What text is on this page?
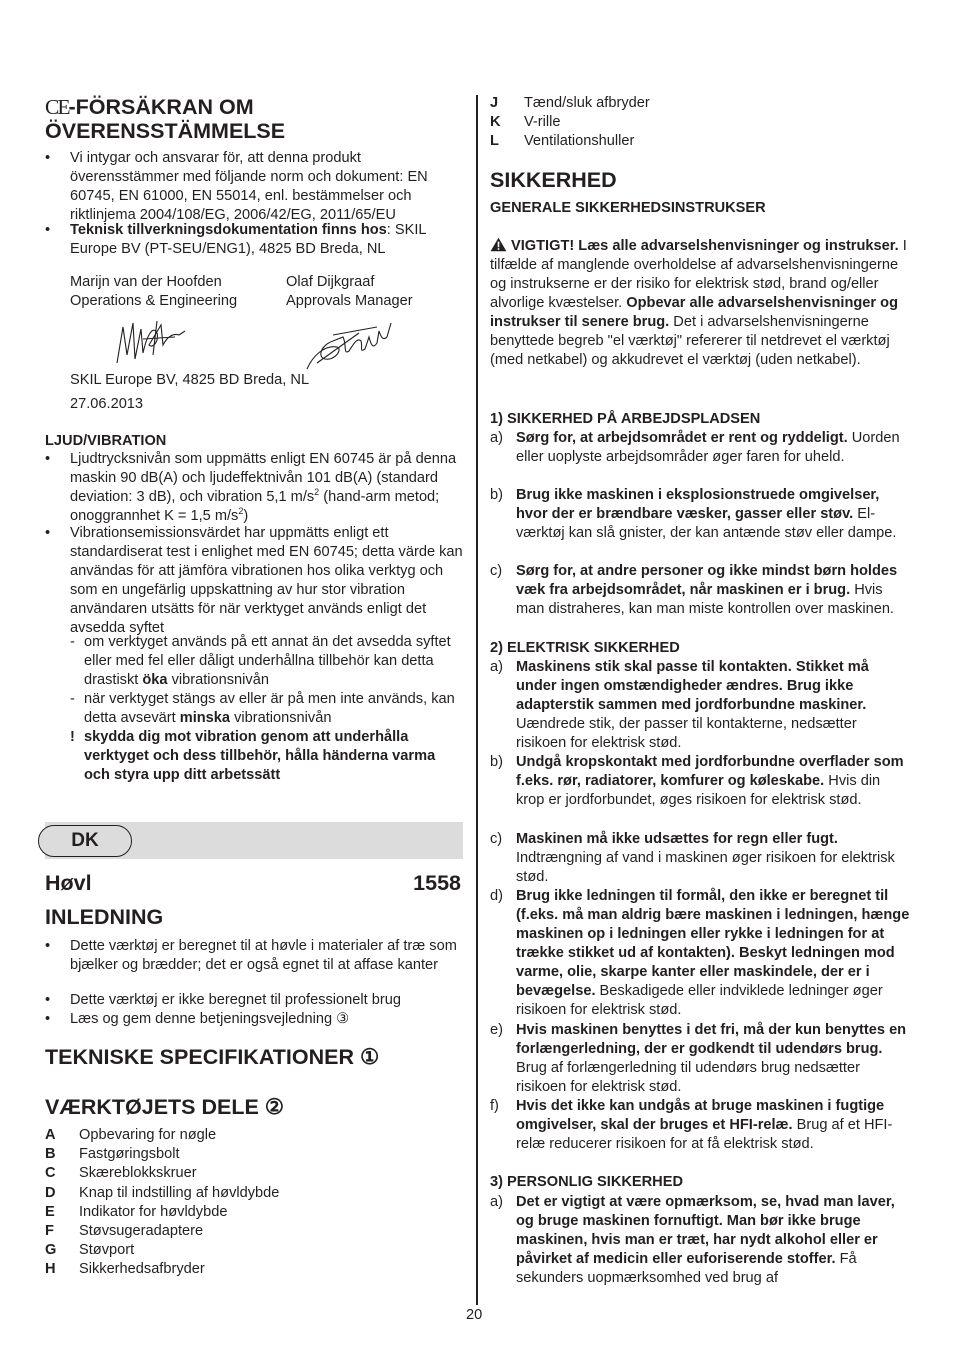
CE-FÖRSÄKRAN OM
ÖVERENSSTÄMMELSE
• Vi intygar och ansvarar för, att denna produkt överensstämmer med följande norm och dokument: EN 60745, EN 61000, EN 55014, enl. bestämmelser och riktlinjema 2004/108/EG, 2006/42/EG, 2011/65/EU
• Teknisk tillverkningsdokumentation finns hos: SKIL
Europe BV (PT-SEU/ENG1), 4825 BD Breda, NL
Marijn van der Hoofden
Operations & Engineering
Olaf Dijkgraaf
Approvals Manager
SKIL Europe BV, 4825 BD Breda, NL
27.06.2013
LJUD/VIBRATION
• Ljudtrycksnivån som uppmätts enligt EN 60745 är på denna maskin 90 dB(A) och ljudeffektnivån 101 dB(A) (standard deviation: 3 dB), och vibration 5,1 $m/s^2$ (hand-arm metod; onoggrannhet K = 1,5 $m/s^2$)
• Vibrationsemissionsvärdet har uppmätts enligt ett standardiserat test i enlighet med EN 60745; detta värde kan användas för att jämföra vibrationen hos olika verktyg och som en ungefärlig uppskattning av hur stor vibration användaren utsätts för när verktyget används enligt det avsedda syftet
- om verktyget används på ett annat än det avsedda syftet eller med fel eller dåligt underhållna tillbehör kan detta drastiskt öka vibrationsnivån
- när verktyget stängs av eller är på men inte används, kan detta avsevärt minska vibrationsnivån
! skydda dig mot vibration genom att underhålla verktyget och dess tillbehör, hålla händerna varma och styra upp ditt arbetssätt
DK
Høvl	1558
INLEDNING
• Dette værktøj er beregnet til at høvle i materialer af træ som bjælker og brædder; det er også egnet til at affase kanter
• Dette værktøj er ikke beregnet til professionelt brug
• Læs og gem denne betjeningsvejledning ③
TEKNISKE SPECIFIKATIONER ①
VÆRKTØJETS DELE ②
A Opbevaring for nøgle
B Fastgøringsbolt
C Skæreblokkskruer
D Knap til indstilling af høvldybde
E Indikator for høvldybde
F Støvsugeradaptere
G Støvport
H Sikkerhedsafbryder
J Tænd/sluk afbryder
K V-rille
L Ventilationshuller
SIKKERHED
GENERALE SIKKERHEDSINSTRUKSER
VIGTIGT! Læs alle advarselshenvisninger og instrukser. I tilfælde af manglende overholdelse af advarselshenvisningerne og instrukserne er der risiko for elektrisk stød, brand og/eller alvorlige kvæstelser. Opbevar alle advarselshenvisninger og instrukser til senere brug. Det i advarselshenvisningerne benyttede begreb "el værktøj" refererer til netdrevet el værktøj (med netkabel) og akkudrevet el værktøj (uden netkabel).
1) SIKKERHED PÅ ARBEJDSPLADSEN
a) Sørg for, at arbejdsområdet er rent og ryddeligt. Uorden eller uoplyste arbejdsområder øger faren for uheld.
b) Brug ikke maskinen i eksplosionstruede omgivelser, hvor der er brændbare væsker, gasser eller støv. El-værktøj kan slå gnister, der kan antænde støv eller dampe.
c) Sørg for, at andre personer og ikke mindst børn holdes væk fra arbejdsområdet, når maskinen er i brug. Hvis man distraheres, kan man miste kontrollen over maskinen.
2) ELEKTRISK SIKKERHED
a) Maskinens stik skal passe til kontakten. Stikket må under ingen omstændigheder ændres. Brug ikke adapterstik sammen med jordforbundne maskiner. Uændrede stik, der passer til kontakterne, nedsætter risikoen for elektrisk stød.
b) Undgå kropskontakt med jordforbundne overflader som f.eks. rør, radiatorer, komfurer og køleskabe. Hvis din krop er jordforbundet, øges risikoen for elektrisk stød.
c) Maskinen må ikke udsættes for regn eller fugt. Indtrængning af vand i maskinen øger risikoen for elektrisk stød.
d) Brug ikke ledningen til formål, den ikke er beregnet til (f.eks. må man aldrig bære maskinen i ledningen, hænge maskinen op i ledningen eller rykke i ledningen for at trække stikket ud af kontakten). Beskyt ledningen mod varme, olie, skarpe kanter eller maskindele, der er i bevægelse. Beskadigede eller indviklede ledninger øger risikoen for elektrisk stød.
e) Hvis maskinen benyttes i det fri, må der kun benyttes en forlængerledning, der er godkendt til udendørs brug. Brug af forlængerledning til udendørs brug nedsætter risikoen for elektrisk stød.
f) Hvis det ikke kan undgås at bruge maskinen i fugtige omgivelser, skal der bruges et HFI-relæ. Brug af et HFI-relæ reducerer risikoen for at få elektrisk stød.
3) PERSONLIG SIKKERHED
a) Det er vigtigt at være opmærksom, se, hvad man laver, og bruge maskinen fornuftigt. Man bør ikke bruge maskinen, hvis man er træt, har nydt alkohol eller er påvirket af medicin eller euforiserende stoffer. Få sekunders uopmærksomhed ved brug af
20
